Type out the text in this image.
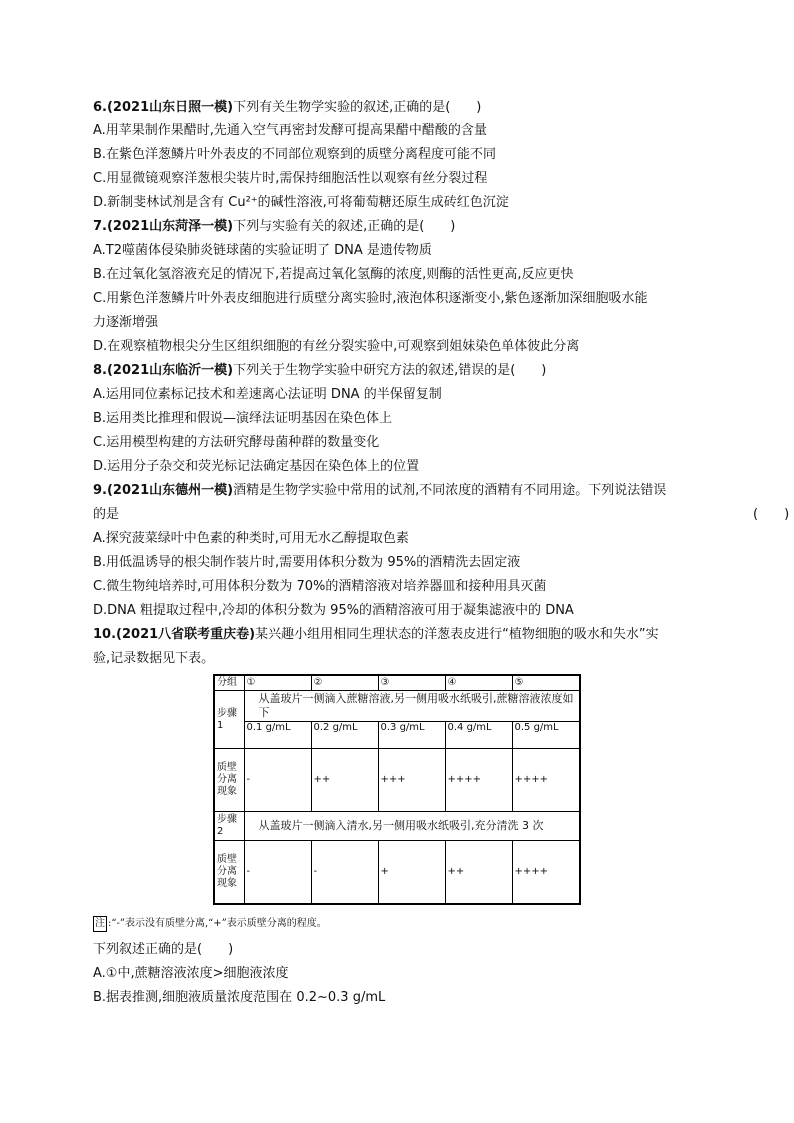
6.(2021山东日照一模)下列有关生物学实验的叙述,正确的是(　　)
A.用苹果制作果醋时,先通入空气再密封发酵可提高果醋中醋酸的含量
B.在紫色洋葱鳞片叶外表皮的不同部位观察到的质壁分离程度可能不同
C.用显微镜观察洋葱根尖装片时,需保持细胞活性以观察有丝分裂过程
D.新制斐林试剂是含有 Cu²⁺的碱性溶液,可将葡萄糖还原生成砖红色沉淀
7.(2021山东菏泽一模)下列与实验有关的叙述,正确的是(　　)
A.T2噬菌体侵染肺炎链球菌的实验证明了 DNA 是遗传物质
B.在过氧化氢溶液充足的情况下,若提高过氧化氢酶的浓度,则酶的活性更高,反应更快
C.用紫色洋葱鳞片叶外表皮细胞进行质壁分离实验时,液泡体积逐渐变小,紫色逐渐加深细胞吸水能
力逐渐增强
D.在观察植物根尖分生区组织细胞的有丝分裂实验中,可观察到姐妹染色单体彼此分离
8.(2021山东临沂一模)下列关于生物学实验中研究方法的叙述,错误的是(　　)
A.运用同位素标记技术和差速离心法证明 DNA 的半保留复制
B.运用类比推理和假说—演绎法证明基因在染色体上
C.运用模型构建的方法研究酵母菌种群的数量变化
D.运用分子杂交和荧光标记法确定基因在染色体上的位置
9.(2021山东德州一模)酒精是生物学实验中常用的试剂,不同浓度的酒精有不同用途。下列说法错误
的是	(　　)
A.探究菠菜绿叶中色素的种类时,可用无水乙醇提取色素
B.用低温诱导的根尖制作装片时,需要用体积分数为 95%的酒精洗去固定液
C.微生物纯培养时,可用体积分数为 70%的酒精溶液对培养器皿和接种用具灭菌
D.DNA 粗提取过程中,冷却的体积分数为 95%的酒精溶液可用于凝集滤液中的 DNA
10.(2021八省联考重庆卷)某兴趣小组用相同生理状态的洋葱表皮进行“植物细胞的吸水和失水”实
验,记录数据见下表。
分组	①	②	③	④	⑤
步骤1	从盖玻片一侧滴入蔗糖溶液,另一侧用吸水纸吸引,蔗糖溶液浓度如下				
	0.1 g/mL	0.2 g/mL	0.3 g/mL	0.4 g/mL	0.5 g/mL
质壁分离现象	-	++	+++	++++	++++
步骤2	从盖玻片一侧滴入清水,另一侧用吸水纸吸引,充分清洗 3 次				
质壁分离现象	-	-	+	++	++++
注 :“-”表示没有质壁分离,“+”表示质壁分离的程度。
下列叙述正确的是(　　)
A.①中,蔗糖溶液浓度>细胞液浓度
B.据表推测,细胞液质量浓度范围在 0.2~0.3 g/mL
